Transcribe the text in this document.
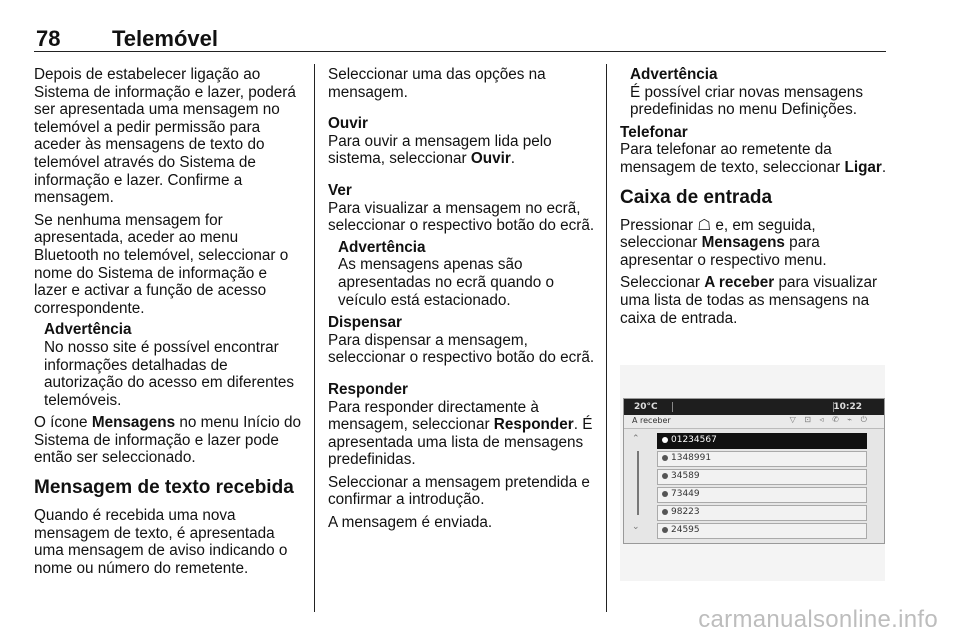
78 Telemóvel

Depois de estabelecer ligação ao Sistema de informação e lazer, poderá ser apresentada uma mensagem no telemóvel a pedir permissão para aceder às mensagens de texto do telemóvel através do Sistema de informação e lazer. Confirme a mensagem.

Se nenhuma mensagem for apresentada, aceder ao menu Bluetooth no telemóvel, seleccionar o nome do Sistema de informação e lazer e activar a função de acesso correspondente.

Advertência
No nosso site é possível encontrar informações detalhadas de autorização do acesso em diferentes telemóveis.

O ícone Mensagens no menu Início do Sistema de informação e lazer pode então ser seleccionado.

Mensagem de texto recebida

Quando é recebida uma nova mensagem de texto, é apresentada uma mensagem de aviso indicando o nome ou número do remetente.

Seleccionar uma das opções na mensagem.

Ouvir

Para ouvir a mensagem lida pelo sistema, seleccionar Ouvir.

Ver

Para visualizar a mensagem no ecrã, seleccionar o respectivo botão do ecrã.

Advertência
As mensagens apenas são apresentadas no ecrã quando o veículo está estacionado.
Dispensar

Para dispensar a mensagem, seleccionar o respectivo botão do ecrã.

Responder

Para responder directamente à mensagem, seleccionar Responder. É apresentada uma lista de mensagens predefinidas.

Seleccionar a mensagem pretendida e confirmar a introdução.

A mensagem é enviada.

Advertência
É possível criar novas mensagens predefinidas no menu Definições.
Telefonar

Para telefonar ao remetente da mensagem de texto, seleccionar Ligar.

Caixa de entrada

Pressionar ☖ e, em seguida, seleccionar Mensagens para apresentar o respectivo menu.

Seleccionar A receber para visualizar uma lista de todas as mensagens na caixa de entrada.

20°C	10:22
A receber	▽ ⊡ ◃ ✆ ⌁ ⏻
⌃
⌄
01234567
1348991
34589
73449
98223
24595
carmanualsonline.info
